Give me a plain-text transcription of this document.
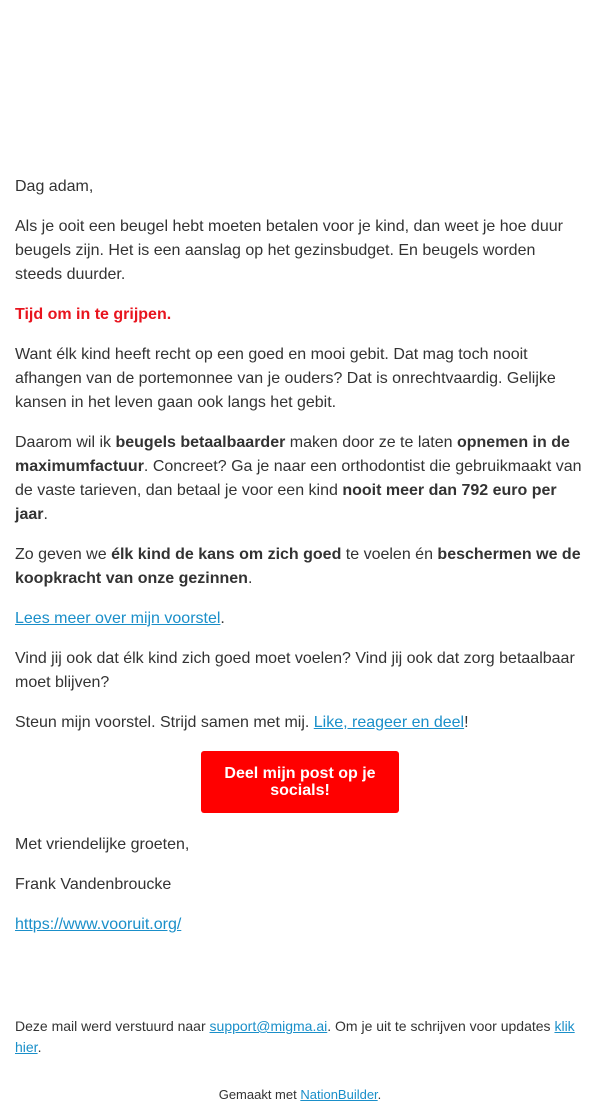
Dag adam,

Als je ooit een beugel hebt moeten betalen voor je kind, dan weet je hoe duur beugels zijn. Het is een aanslag op het gezinsbudget. En beugels worden steeds duurder.

Tijd om in te grijpen.

Want élk kind heeft recht op een goed en mooi gebit. Dat mag toch nooit afhangen van de portemonnee van je ouders? Dat is onrechtvaardig. Gelijke kansen in het leven gaan ook langs het gebit.

Daarom wil ik beugels betaalbaarder maken door ze te laten opnemen in de maximumfactuur. Concreet? Ga je naar een orthodontist die gebruikmaakt van de vaste tarieven, dan betaal je voor een kind nooit meer dan 792 euro per jaar.

Zo geven we élk kind de kans om zich goed te voelen én beschermen we de koopkracht van onze gezinnen.

Lees meer over mijn voorstel.

Vind jij ook dat élk kind zich goed moet voelen? Vind jij ook dat zorg betaalbaar moet blijven?

Steun mijn voorstel. Strijd samen met mij. Like, reageer en deel!

Deel mijn post op je socials!

Met vriendelijke groeten,

Frank Vandenbroucke

https://www.vooruit.org/

Deze mail werd verstuurd naar support@migma.ai. Om je uit te schrijven voor updates klik hier.
Gemaakt met NationBuilder.
